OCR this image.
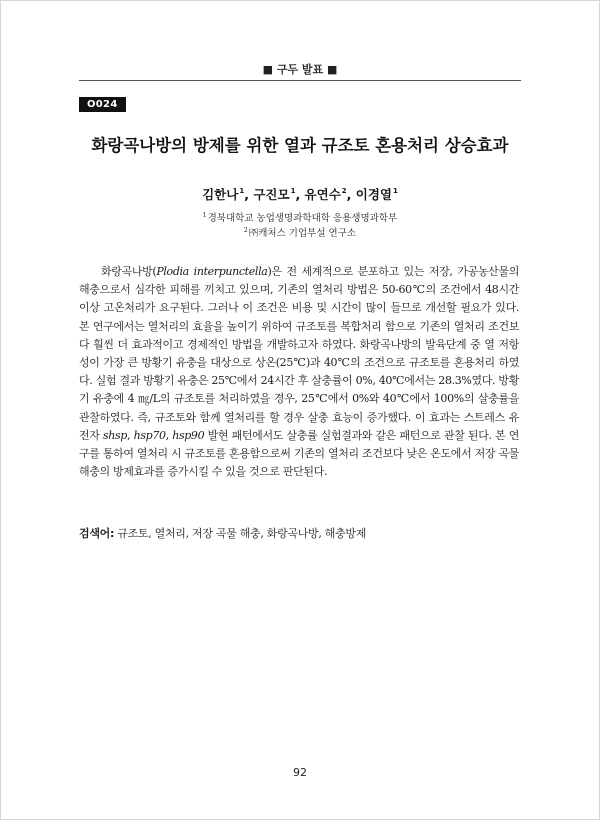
■ 구두 발표 ■
O024
화랑곡나방의 방제를 위한 열과 규조토 혼용처리 상승효과
김한나$^1$, 구진모$^1$, 유연수$^2$, 이경열$^1$
$^1$경북대학교 농업생명과학대학 응용생명과학부
$^2$㈜캐처스 기업부설 연구소

화랑곡나방(Plodia interpunctella)은 전 세계적으로 분포하고 있는 저장, 가공농산물의 해충으로서 심각한 피해를 끼치고 있으며, 기존의 열처리 방법은 50-60℃의 조건에서 48시간 이상 고온처리가 요구된다. 그러나 이 조건은 비용 및 시간이 많이 들므로 개선할 필요가 있다. 본 연구에서는 열처리의 효율을 높이기 위하여 규조토를 복합처리 함으로 기존의 열처리 조건보다 훨씬 더 효과적이고 경제적인 방법을 개발하고자 하였다. 화랑곡나방의 발육단계 중 열 저항성이 가장 큰 방황기 유충을 대상으로 상온(25℃)과 40℃의 조건으로 규조토를 혼용처리 하였다. 실험 결과 방황기 유충은 25℃에서 24시간 후 살충률이 0%, 40℃에서는 28.3%였다. 방황기 유충에 4 ㎎/L의 규조토를 처리하였을 경우, 25℃에서 0%와 40℃에서 100%의 살충률을 관찰하였다. 즉, 규조토와 함께 열처리를 할 경우 살충 효능이 증가했다. 이 효과는 스트레스 유전자 shsp, hsp70, hsp90 발현 패턴에서도 살충률 실험결과와 같은 패턴으로 관찰 된다. 본 연구를 통하여 열처리 시 규조토를 혼용함으로써 기존의 열처리 조건보다 낮은 온도에서 저장 곡물 해충의 방제효과를 증가시킬 수 있을 것으로 판단된다.

검색어: 규조토, 열처리, 저장 곡물 해충, 화랑곡나방, 해충방제
92
